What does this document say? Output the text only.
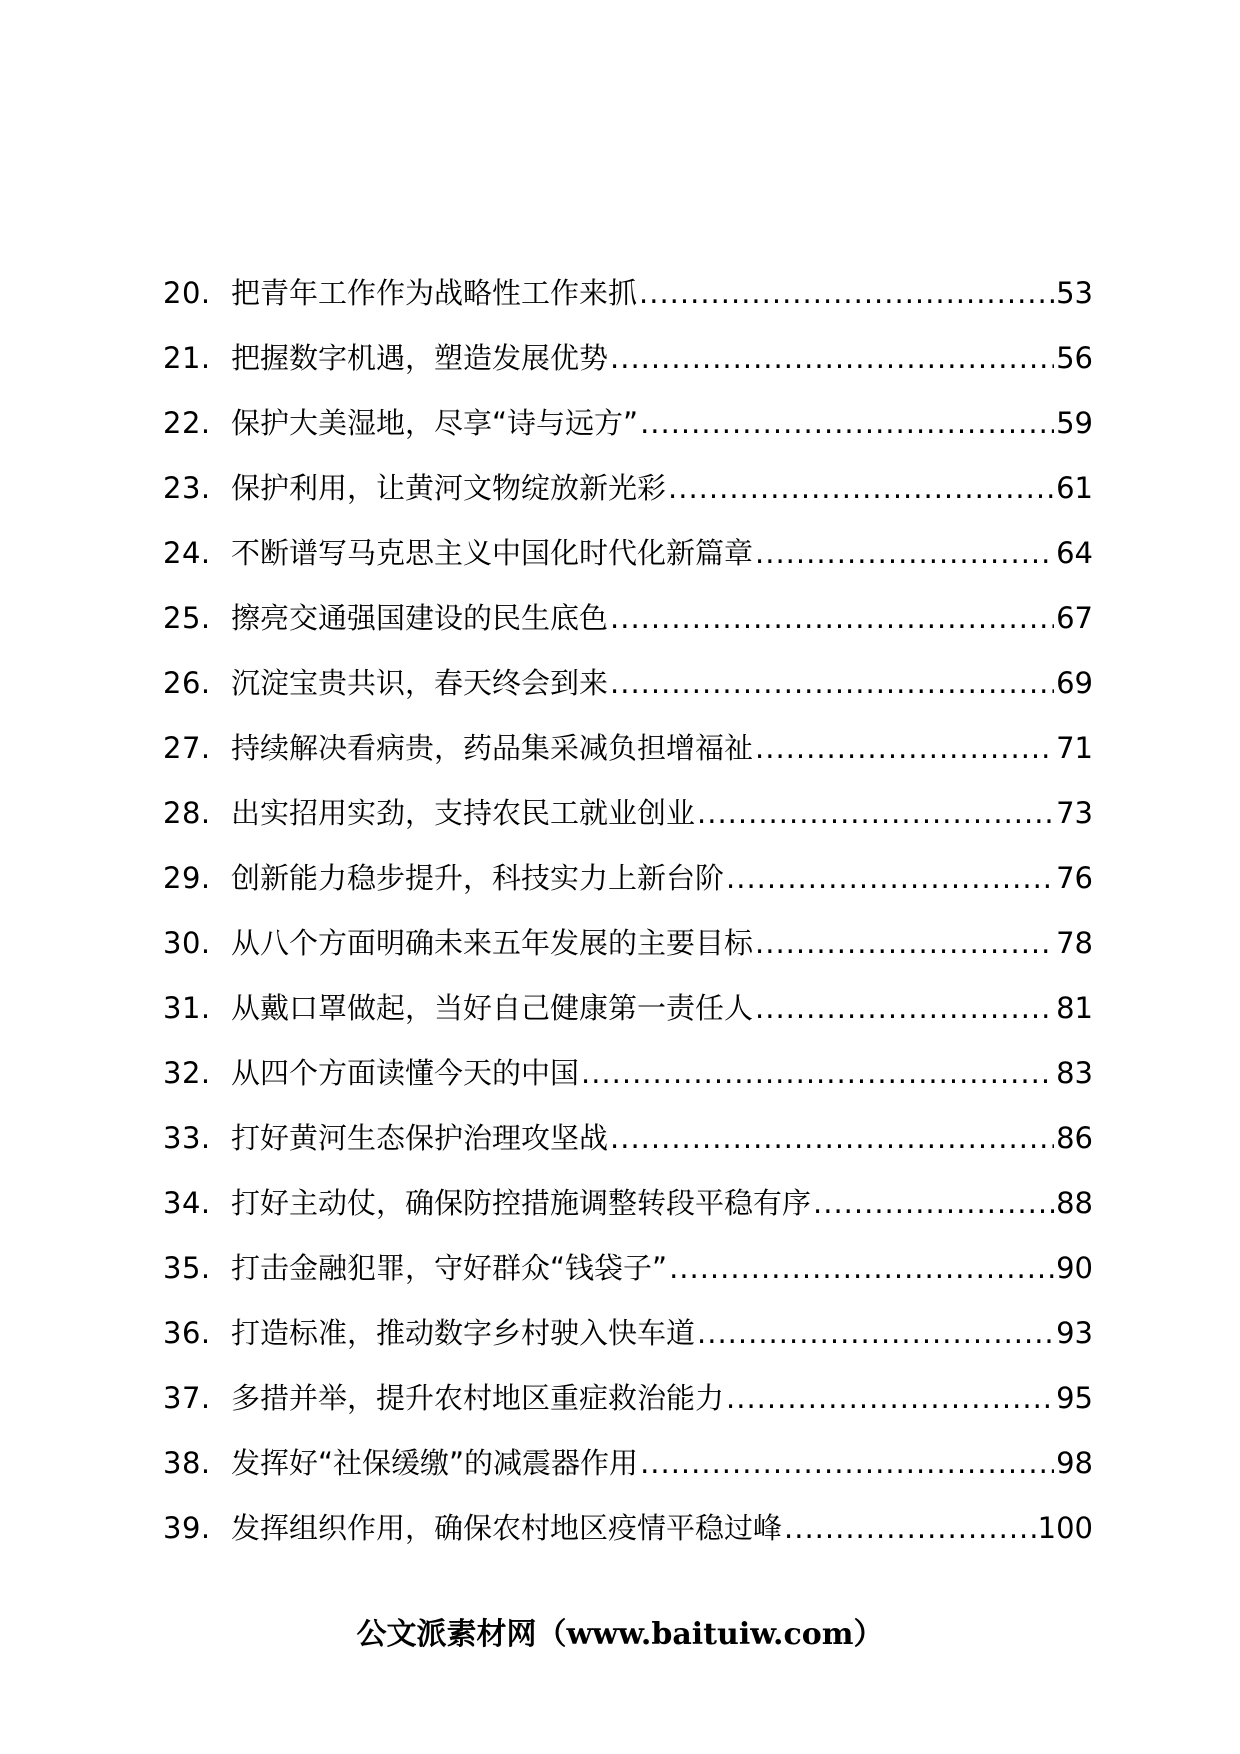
20. 把青年工作作为战略性工作来抓 .....	53
21. 把握数字机遇，塑造发展优势 .....	56
22. 保护大美湿地，尽享“诗与远方” .....	59
23. 保护利用，让黄河文物绽放新光彩 .....	61
24. 不断谱写马克思主义中国化时代化新篇章 .....	64
25. 擦亮交通强国建设的民生底色 .....	67
26. 沉淀宝贵共识，春天终会到来 .....	69
27. 持续解决看病贵，药品集采减负担增福祉 .....	71
28. 出实招用实劲，支持农民工就业创业 .....	73
29. 创新能力稳步提升，科技实力上新台阶 .....	76
30. 从八个方面明确未来五年发展的主要目标 .....	78
31. 从戴口罩做起，当好自己健康第一责任人 .....	81
32. 从四个方面读懂今天的中国 .....	83
33. 打好黄河生态保护治理攻坚战 .....	86
34. 打好主动仗，确保防控措施调整转段平稳有序 .....	88
35. 打击金融犯罪，守好群众“钱袋子” .....	90
36. 打造标准，推动数字乡村驶入快车道 .....	93
37. 多措并举，提升农村地区重症救治能力 .....	95
38. 发挥好“社保缓缴”的减震器作用 .....	98
39. 发挥组织作用，确保农村地区疫情平稳过峰 .....	100
公文派素材网（www.baituiw.com）
